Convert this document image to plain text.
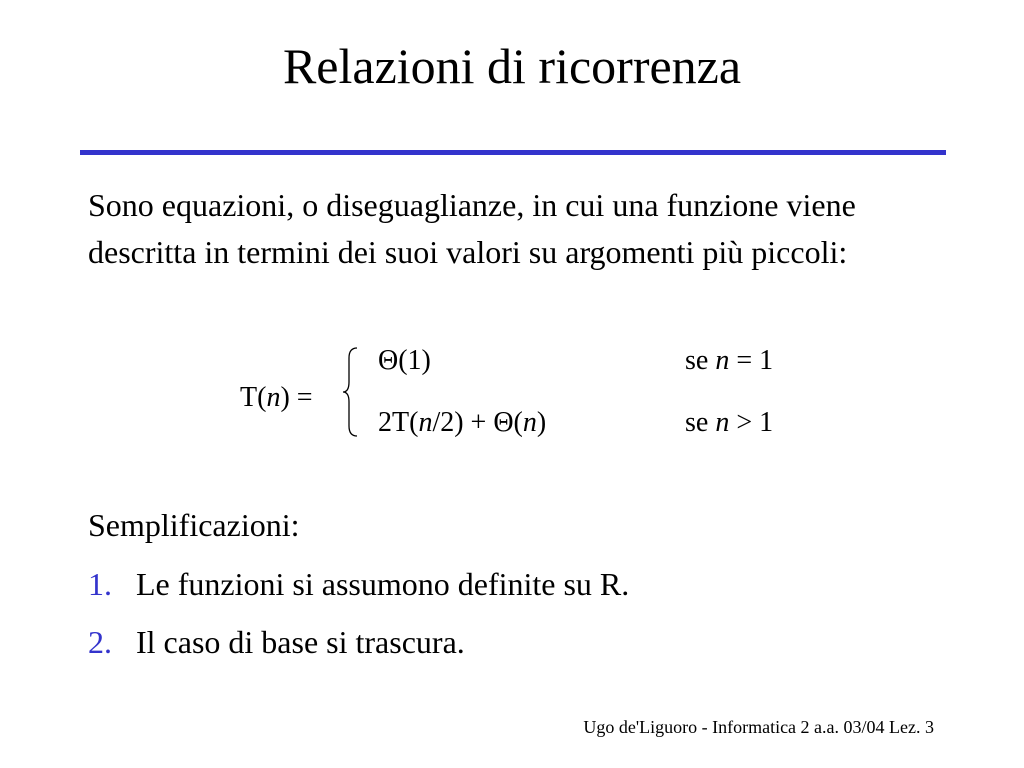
Relazioni di ricorrenza
Sono equazioni, o diseguaglianze, in cui una funzione viene descritta in termini dei suoi valori su argomenti più piccoli:
T(n) =
Θ(1)	se n = 1
2T(n/2) + Θ(n)	se n > 1
Semplificazioni:
1. Le funzioni si assumono definite su R.
2. Il caso di base si trascura.
Ugo de'Liguoro - Informatica 2 a.a. 03/04 Lez. 3
